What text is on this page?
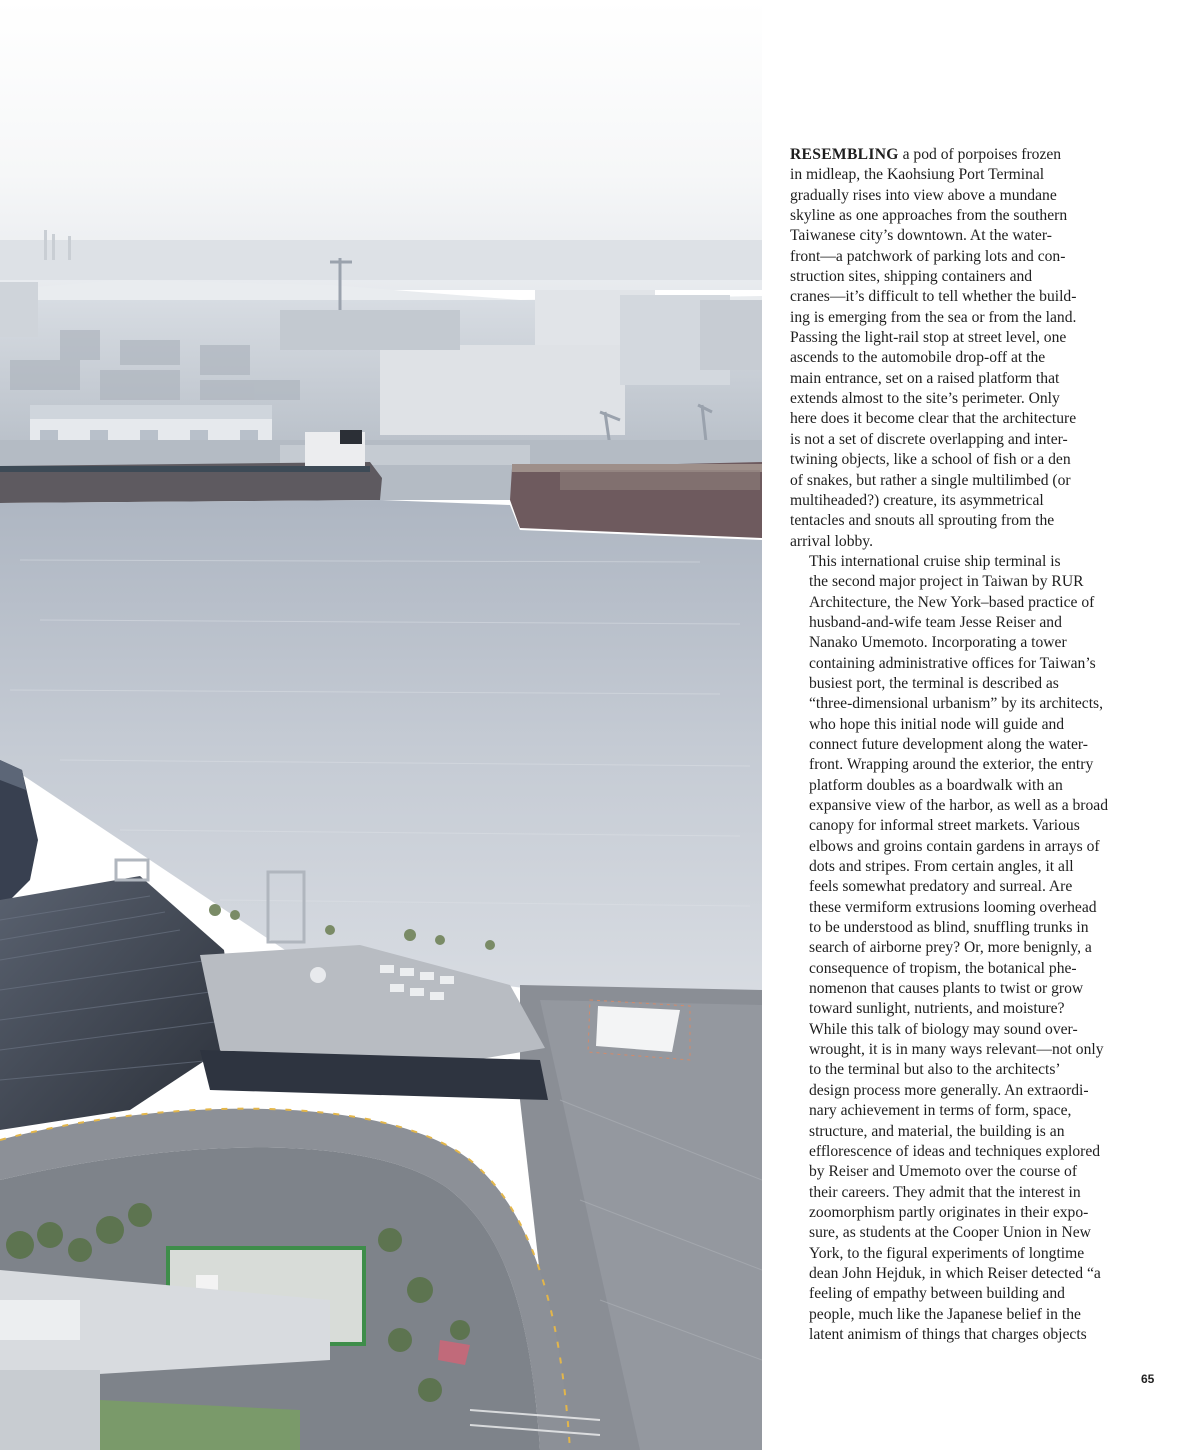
RESEMBLING a pod of porpoises frozen
in midleap, the Kaohsiung Port Terminal
gradually rises into view above a mundane
skyline as one approaches from the southern
Taiwanese city’s downtown. At the water-
front—a patchwork of parking lots and con-
struction sites, shipping containers and
cranes—it’s difficult to tell whether the build-
ing is emerging from the sea or from the land.
Passing the light-rail stop at street level, one
ascends to the automobile drop-off at the
main entrance, set on a raised platform that
extends almost to the site’s perimeter. Only
here does it become clear that the architecture
is not a set of discrete overlapping and inter-
twining objects, like a school of fish or a den
of snakes, but rather a single multilimbed (or
multiheaded?) creature, its asymmetrical
tentacles and snouts all sprouting from the
arrival lobby.

This international cruise ship terminal is
the second major project in Taiwan by RUR
Architecture, the New York–based practice of
husband-and-wife team Jesse Reiser and
Nanako Umemoto. Incorporating a tower
containing administrative offices for Taiwan’s
busiest port, the terminal is described as
“three-dimensional urbanism” by its architects,
who hope this initial node will guide and
connect future development along the water-
front. Wrapping around the exterior, the entry
platform doubles as a boardwalk with an
expansive view of the harbor, as well as a broad
canopy for informal street markets. Various
elbows and groins contain gardens in arrays of
dots and stripes. From certain angles, it all
feels somewhat predatory and surreal. Are
these vermiform extrusions looming overhead
to be understood as blind, snuffling trunks in
search of airborne prey? Or, more benignly, a
consequence of tropism, the botanical phe-
nomenon that causes plants to twist or grow
toward sunlight, nutrients, and moisture?

While this talk of biology may sound over-
wrought, it is in many ways relevant—not only
to the terminal but also to the architects’
design process more generally. An extraordi-
nary achievement in terms of form, space,
structure, and material, the building is an
efflorescence of ideas and techniques explored
by Reiser and Umemoto over the course of
their careers. They admit that the interest in
zoomorphism partly originates in their expo-
sure, as students at the Cooper Union in New
York, to the figural experiments of longtime
dean John Hejduk, in which Reiser detected “a
feeling of empathy between building and
people, much like the Japanese belief in the
latent animism of things that charges objects

65
